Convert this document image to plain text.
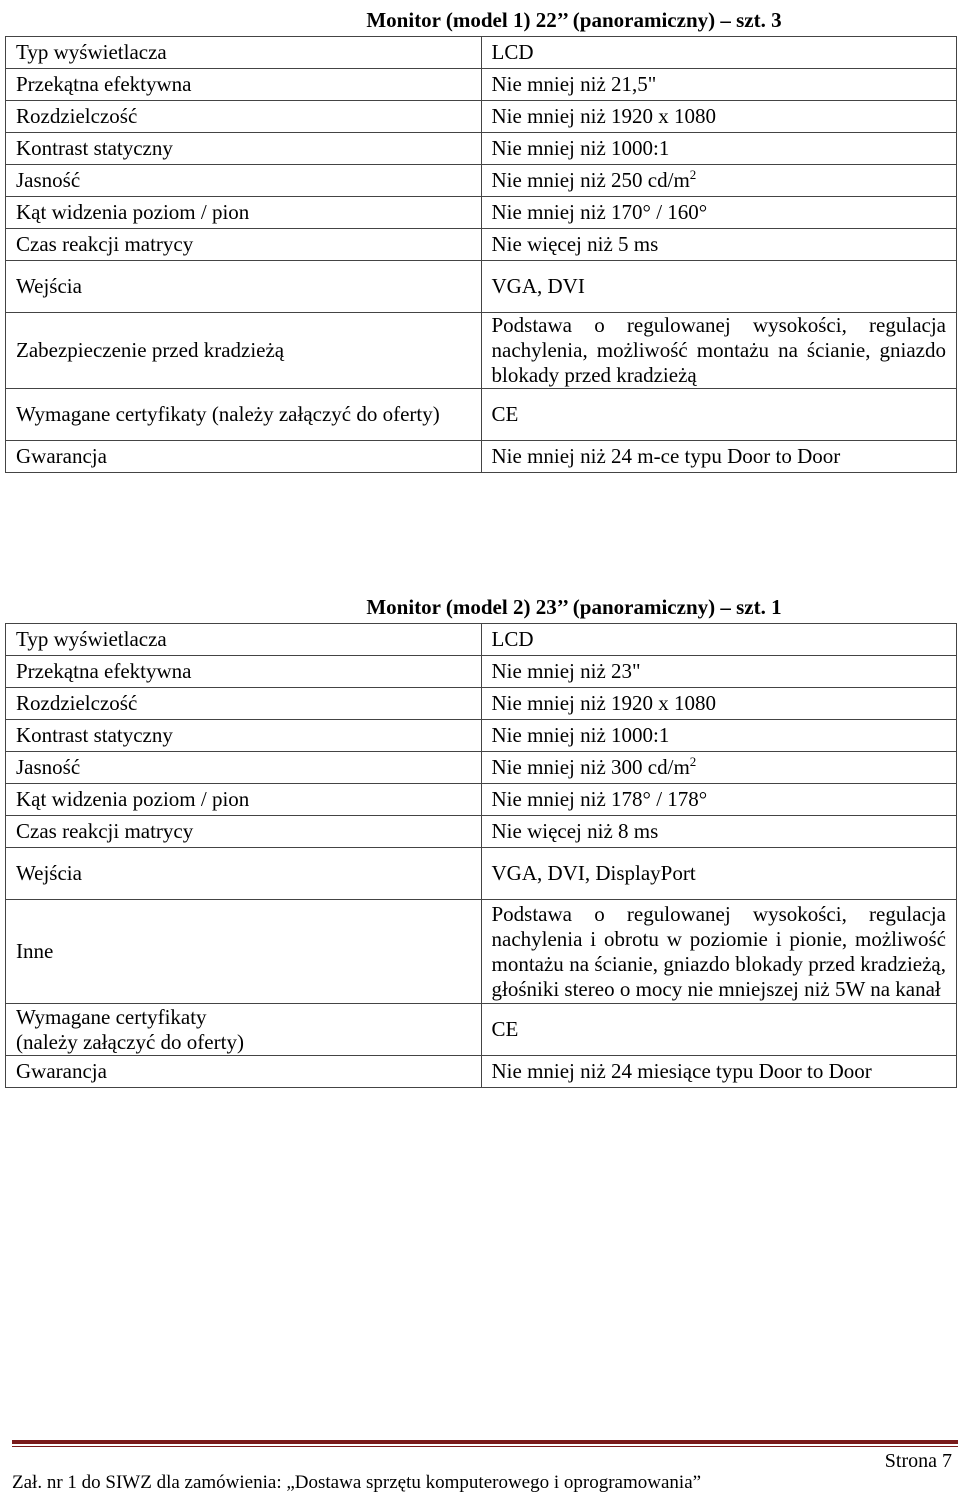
Monitor (model 1) 22’’ (panoramiczny) – szt. 3	
Typ wyświetlacza	LCD
Przekątna efektywna	Nie mniej niż 21,5"
Rozdzielczość	Nie mniej niż 1920 x 1080
Kontrast statyczny	Nie mniej niż 1000:1
Jasność	Nie mniej niż 250 $cd/m^2$
Kąt widzenia poziom / pion	Nie mniej niż 170° / 160°
Czas reakcji matrycy	Nie więcej niż 5 ms
Wejścia	VGA, DVI
Zabezpieczenie przed kradzieżą	Podstawa o regulowanej wysokości, regulacja nachylenia, możliwość montażu na ścianie, gniazdo blokady przed kradzieżą
Wymagane certyfikaty (należy załączyć do oferty)	CE
Gwarancja	Nie mniej niż 24 m-ce typu Door to Door
Monitor (model 2) 23’’ (panoramiczny) – szt. 1	
Typ wyświetlacza	LCD
Przekątna efektywna	Nie mniej niż 23"
Rozdzielczość	Nie mniej niż 1920 x 1080
Kontrast statyczny	Nie mniej niż 1000:1
Jasność	Nie mniej niż 300 $cd/m^2$
Kąt widzenia poziom / pion	Nie mniej niż 178° / 178°
Czas reakcji matrycy	Nie więcej niż 8 ms
Wejścia	VGA, DVI, DisplayPort
Inne	Podstawa o regulowanej wysokości, regulacja nachylenia i obrotu w poziomie i pionie, możliwość montażu na ścianie, gniazdo blokady przed kradzieżą, głośniki stereo o mocy nie mniejszej niż 5W na kanał
Wymagane certyfikaty
(należy załączyć do oferty)	CE
Gwarancja	Nie mniej niż 24 miesiące typu Door to Door
Strona 7
Zał. nr 1 do SIWZ dla zamówienia: „Dostawa sprzętu komputerowego i oprogramowania”
